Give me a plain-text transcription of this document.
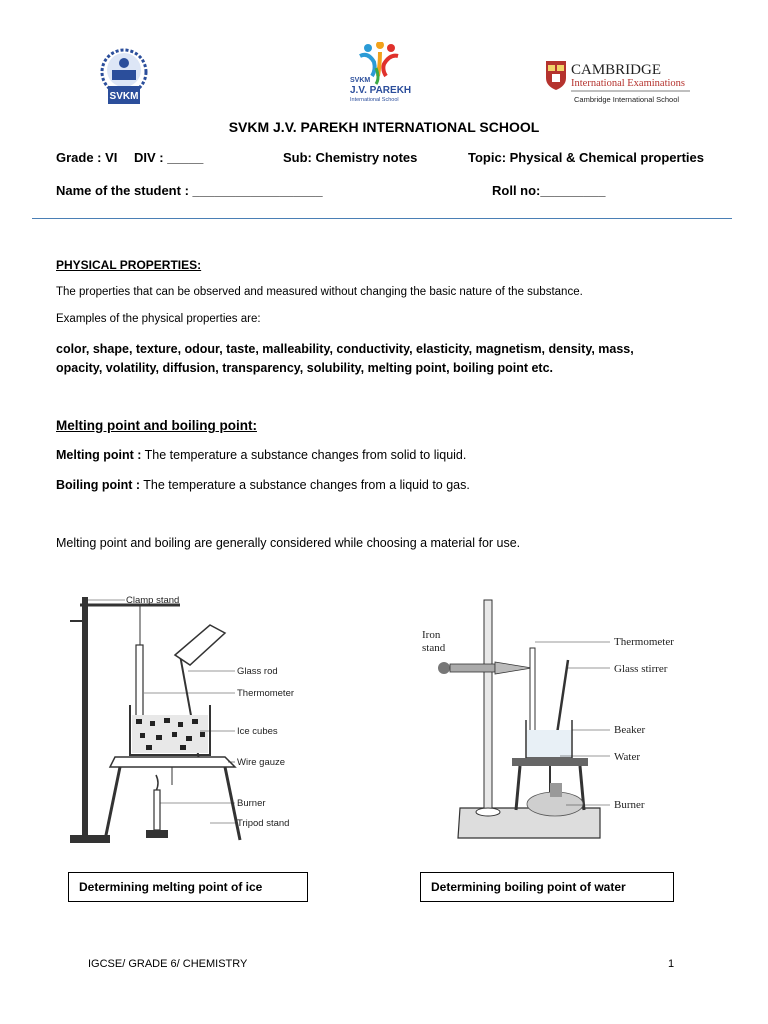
SVKM
SVKM
J.V. PAREKH
International School
CAMBRIDGE
International Examinations
Cambridge International School
SVKM J.V. PAREKH INTERNATIONAL SCHOOL
Grade : VI DIV : _____	Sub: Chemistry notes	Topic: Physical & Chemical properties
Name of the student : __________________	Roll no:_________
PHYSICAL PROPERTIES:
The properties that can be observed and measured without changing the basic nature of the substance.
Examples of the physical properties are:
color, shape, texture, odour, taste, malleability, conductivity, elasticity, magnetism, density, mass,
opacity, volatility, diffusion, transparency, solubility, melting point, boiling point etc.
Melting point and boiling point:
Melting point : The temperature a substance changes from solid to liquid.
Boiling point : The temperature a substance changes from a liquid to gas.
Melting point and boiling are generally considered while choosing a material for use.
Clamp stand
Glass rod
Thermometer
Ice cubes
Wire gauze
Burner
Tripod stand
Iron
stand	Thermometer
Glass stirrer
Beaker
Water
Burner
Determining melting point of ice	Determining boiling point of water
IGCSE/ GRADE 6/ CHEMISTRY	1
